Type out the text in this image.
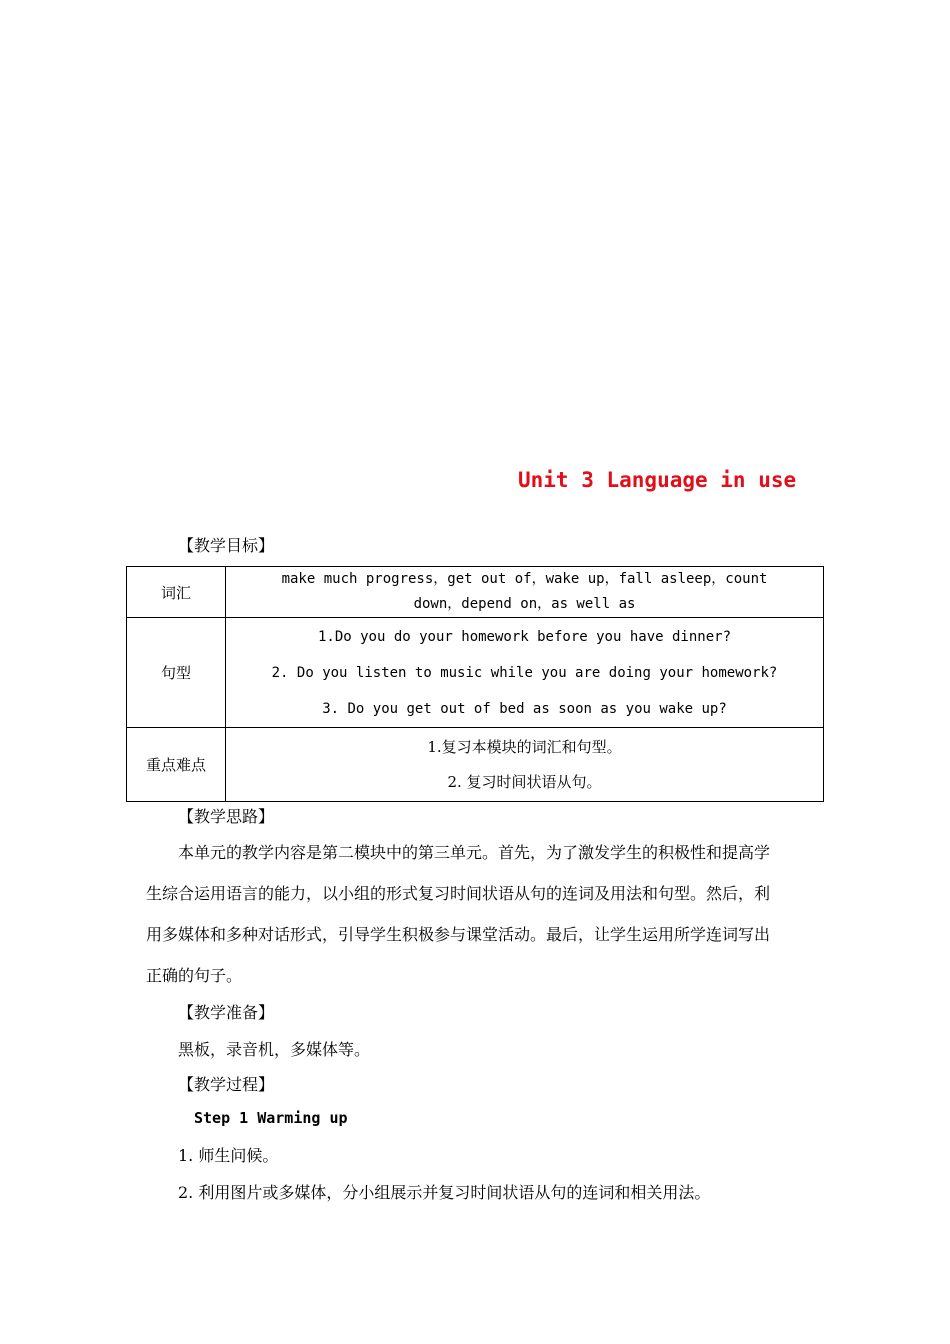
Unit 3 Language in use
【教学目标】
词汇	make much progress，get out of，wake up，fall asleep，count
down，depend on，as well as

句型	1.Do you do your homework before you have dinner?
2. Do you listen to music while you are doing your homework?
3. Do you get out of bed as soon as you wake up?

重点难点	1.复习本模块的词汇和句型。
2. 复习时间状语从句。
【教学思路】
本单元的教学内容是第二模块中的第三单元。首先，为了激发学生的积极性和提高学
生综合运用语言的能力，以小组的形式复习时间状语从句的连词及用法和句型。然后，利
用多媒体和多种对话形式，引导学生积极参与课堂活动。最后，让学生运用所学连词写出
正确的句子。
【教学准备】
黑板，录音机，多媒体等。
【教学过程】
Step 1 Warming up
1. 师生问候。
2. 利用图片或多媒体，分小组展示并复习时间状语从句的连词和相关用法。
